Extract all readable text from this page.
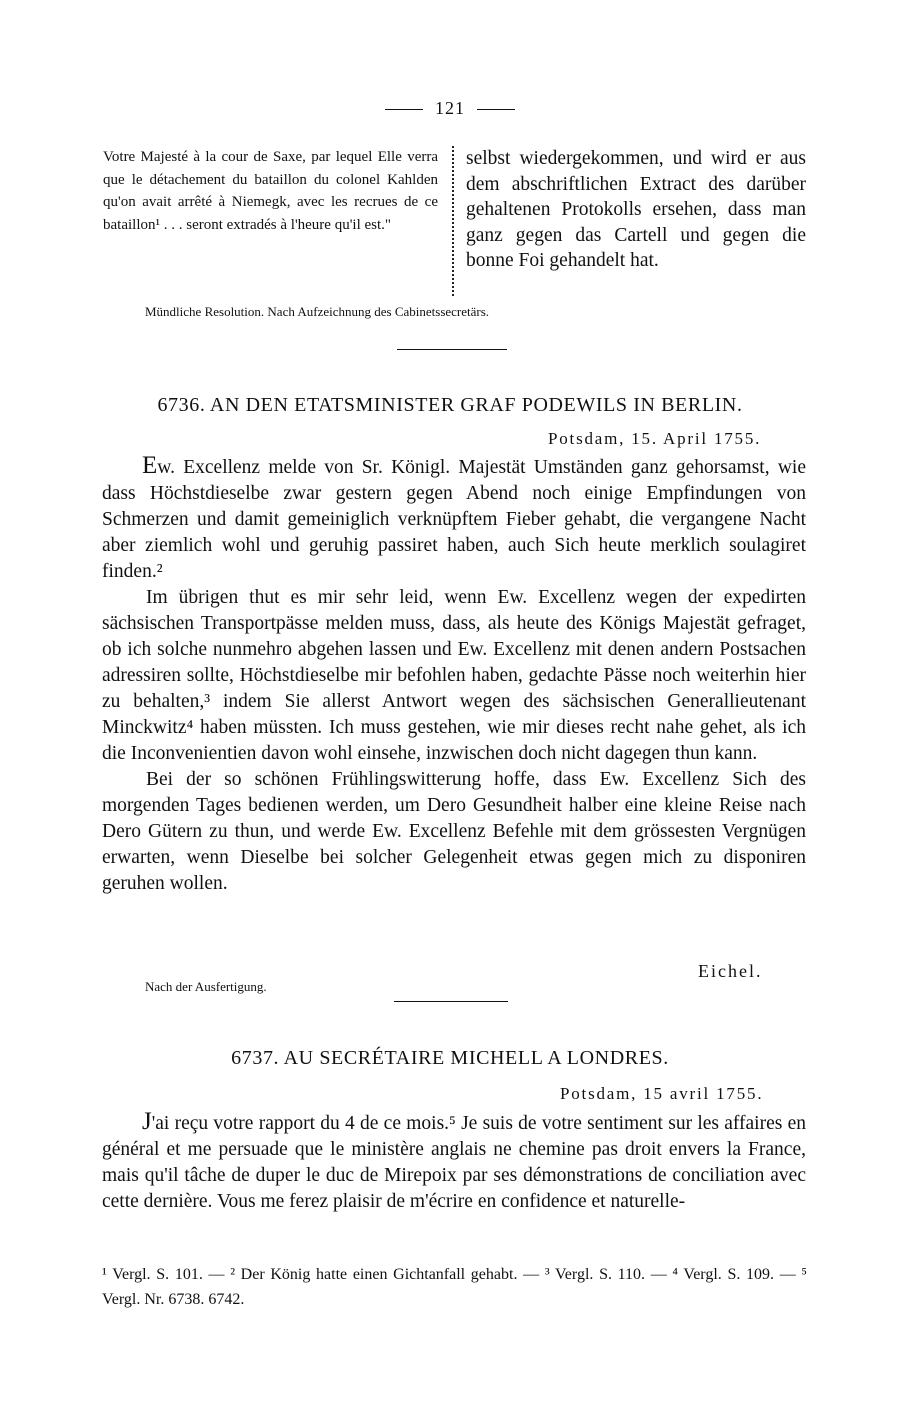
121
Votre Majesté à la cour de Saxe, par lequel Elle verra que le détachement du bataillon du colonel Kahlden qu'on avait arrêté à Niemegk, avec les recrues de ce bataillon¹ . . . seront extradés à l'heure qu'il est."
selbst wiedergekommen, und wird er aus dem abschriftlichen Extract des darüber gehaltenen Protokolls ersehen, dass man ganz gegen das Cartell und gegen die bonne Foi gehandelt hat.
Mündliche Resolution. Nach Aufzeichnung des Cabinetssecretärs.
6736. AN DEN ETATSMINISTER GRAF PODEWILS IN BERLIN.
Potsdam, 15. April 1755.

Ew. Excellenz melde von Sr. Königl. Majestät Umständen ganz gehorsamst, wie dass Höchstdieselbe zwar gestern gegen Abend noch einige Empfindungen von Schmerzen und damit gemeiniglich verknüpftem Fieber gehabt, die vergangene Nacht aber ziemlich wohl und geruhig passiret haben, auch Sich heute merklich soulagiret finden.²

Im übrigen thut es mir sehr leid, wenn Ew. Excellenz wegen der expedirten sächsischen Transportpässe melden muss, dass, als heute des Königs Majestät gefraget, ob ich solche nunmehro abgehen lassen und Ew. Excellenz mit denen andern Postsachen adressiren sollte, Höchstdieselbe mir befohlen haben, gedachte Pässe noch weiterhin hier zu behalten,³ indem Sie allerst Antwort wegen des sächsischen Generallieutenant Minckwitz⁴ haben müssten. Ich muss gestehen, wie mir dieses recht nahe gehet, als ich die Inconvenientien davon wohl einsehe, inzwischen doch nicht dagegen thun kann.

Bei der so schönen Frühlingswitterung hoffe, dass Ew. Excellenz Sich des morgenden Tages bedienen werden, um Dero Gesundheit halber eine kleine Reise nach Dero Gütern zu thun, und werde Ew. Excellenz Befehle mit dem grössesten Vergnügen erwarten, wenn Dieselbe bei solcher Gelegenheit etwas gegen mich zu disponiren geruhen wollen.

Eichel.
Nach der Ausfertigung.
6737. AU SECRÉTAIRE MICHELL A LONDRES.
Potsdam, 15 avril 1755.

J'ai reçu votre rapport du 4 de ce mois.⁵ Je suis de votre sentiment sur les affaires en général et me persuade que le ministère anglais ne chemine pas droit envers la France, mais qu'il tâche de duper le duc de Mirepoix par ses démonstrations de conciliation avec cette dernière. Vous me ferez plaisir de m'écrire en confidence et naturelle-

¹ Vergl. S. 101. — ² Der König hatte einen Gichtanfall gehabt. — ³ Vergl. S. 110. — ⁴ Vergl. S. 109. — ⁵ Vergl. Nr. 6738. 6742.
